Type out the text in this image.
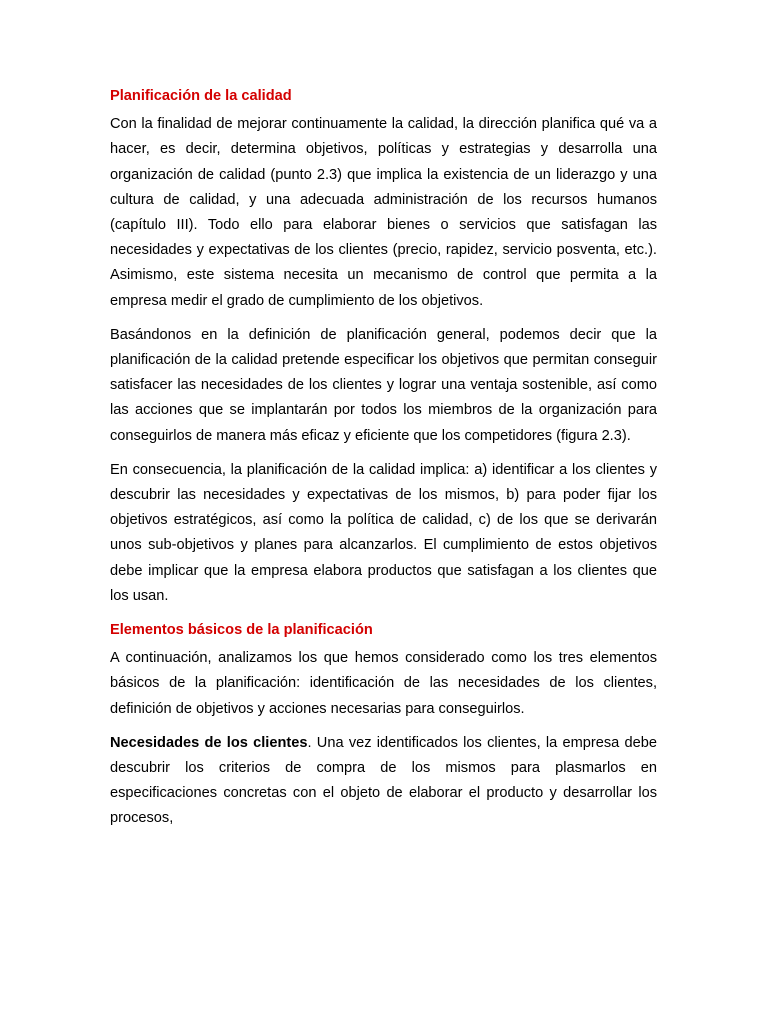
Planificación de la calidad

Con la finalidad de mejorar continuamente la calidad, la dirección planifica qué va a hacer, es decir, determina objetivos, políticas y estrategias y desarrolla una organización de calidad (punto 2.3) que implica la existencia de un liderazgo y una cultura de calidad, y una adecuada administración de los recursos humanos (capítulo III). Todo ello para elaborar bienes o servicios que satisfagan las necesidades y expectativas de los clientes (precio, rapidez, servicio posventa, etc.). Asimismo, este sistema necesita un mecanismo de control que permita a la empresa medir el grado de cumplimiento de los objetivos.

Basándonos en la definición de planificación general, podemos decir que la planificación de la calidad pretende especificar los objetivos que permitan conseguir satisfacer las necesidades de los clientes y lograr una ventaja sostenible, así como las acciones que se implantarán por todos los miembros de la organización para conseguirlos de manera más eficaz y eficiente que los competidores (figura 2.3).

En consecuencia, la planificación de la calidad implica: a) identificar a los clientes y descubrir las necesidades y expectativas de los mismos, b) para poder fijar los objetivos estratégicos, así como la política de calidad, c) de los que se derivarán unos sub-objetivos y planes para alcanzarlos. El cumplimiento de estos objetivos debe implicar que la empresa elabora productos que satisfagan a los clientes que los usan.

Elementos básicos de la planificación

A continuación, analizamos los que hemos considerado como los tres elementos básicos de la planificación: identificación de las necesidades de los clientes, definición de objetivos y acciones necesarias para conseguirlos.

Necesidades de los clientes. Una vez identificados los clientes, la empresa debe descubrir los criterios de compra de los mismos para plasmarlos en especificaciones concretas con el objeto de elaborar el producto y desarrollar los procesos,
